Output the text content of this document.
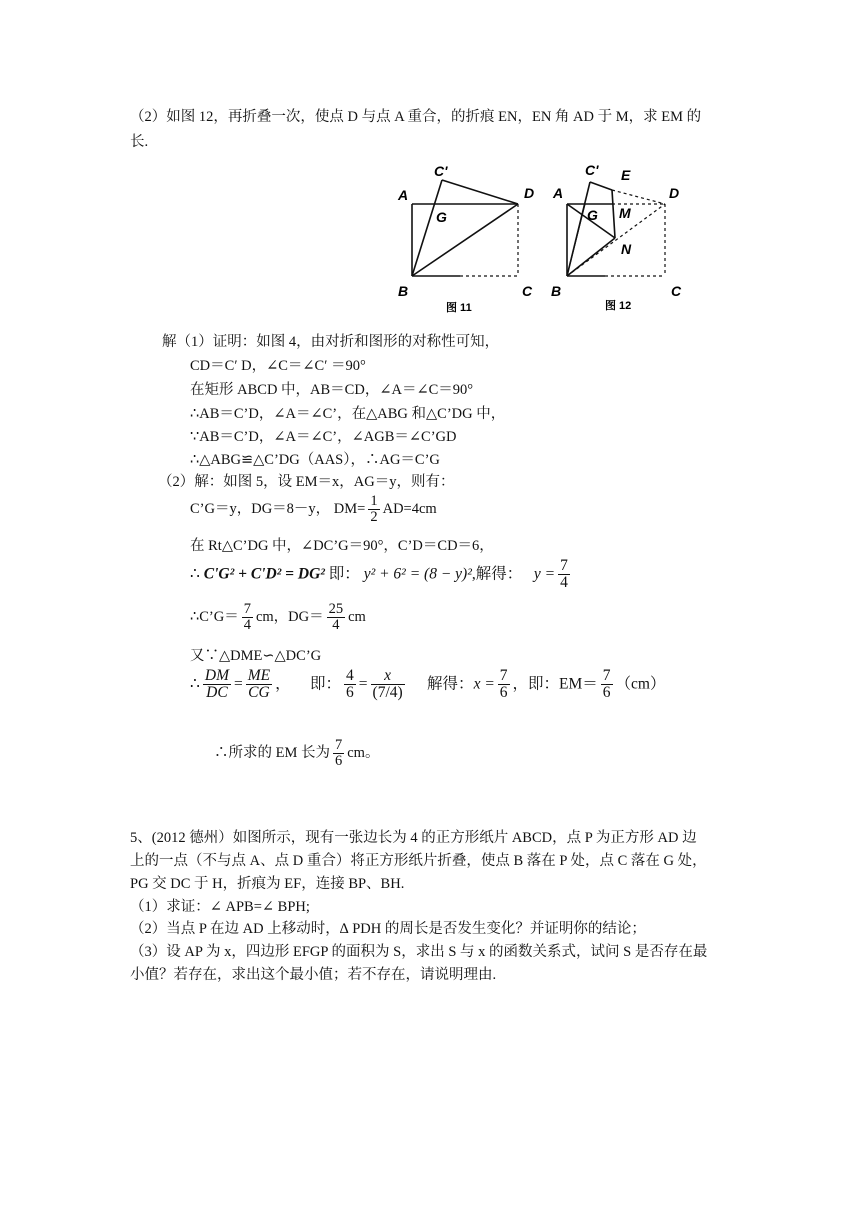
（2）如图 12，再折叠一次，使点 D 与点 A 重合，的折痕 EN，EN 角 AD 于 M，求 EM 的
长.
C'
A	D
G
B	C
图 11
C' E
A	D
G M
N
B	C
图 12
解（1）证明：如图 4，由对折和图形的对称性可知，
CD＝C′ D，∠C＝∠C′ ＝90°
在矩形 ABCD 中，AB＝CD，∠A＝∠C＝90°
∴AB＝C’D，∠A＝∠C’，在△ABG 和△C’DG 中，
∵AB＝C’D，∠A＝∠C’，∠AGB＝∠C’GD
∴△ABG≌△C’DG（AAS），∴AG＝C’G
（2）解：如图 5，设 EM＝x，AG＝y，则有：
C’G＝y，DG＝8－y， $DM= \frac{1}{2} AD=4cm$
在 Rt△C’DG 中，∠DC’G＝90°，C’D＝CD＝6，
∴ C'G² + C'D² = DG² 即： y² + 6² = (8 − y)²,解得： $y = \frac{7}{4}$
∴C’G＝ $\frac{7}{4}$ cm，$DG= \frac{25}{4}$ cm
又∵△DME∽△DC’G
∴ $\frac{DM}{DC} = \frac{ME}{CG}$ ， 即： $\frac{4}{6} = \frac{x}{(7/4)}$ 解得：$x = \frac{7}{6}$ ，即：$EM= \frac{7}{6} (cm)$
∴所求的 EM 长为 $\frac{7}{6}$ cm。
5、(2012 德州）如图所示，现有一张边长为 4 的正方形纸片 ABCD，点 P 为正方形 AD 边
上的一点（不与点 A、点 D 重合）将正方形纸片折叠，使点 B 落在 P 处，点 C 落在 G 处，
PG 交 DC 于 H，折痕为 EF，连接 BP、BH.
（1）求证：∠ APB=∠ BPH;
（2）当点 P 在边 AD 上移动时，∆ PDH 的周长是否发生变化？并证明你的结论；
（3）设 AP 为 x，四边形 EFGP 的面积为 S，求出 S 与 x 的函数关系式，试问 S 是否存在最
小值？若存在，求出这个最小值；若不存在，请说明理由.
